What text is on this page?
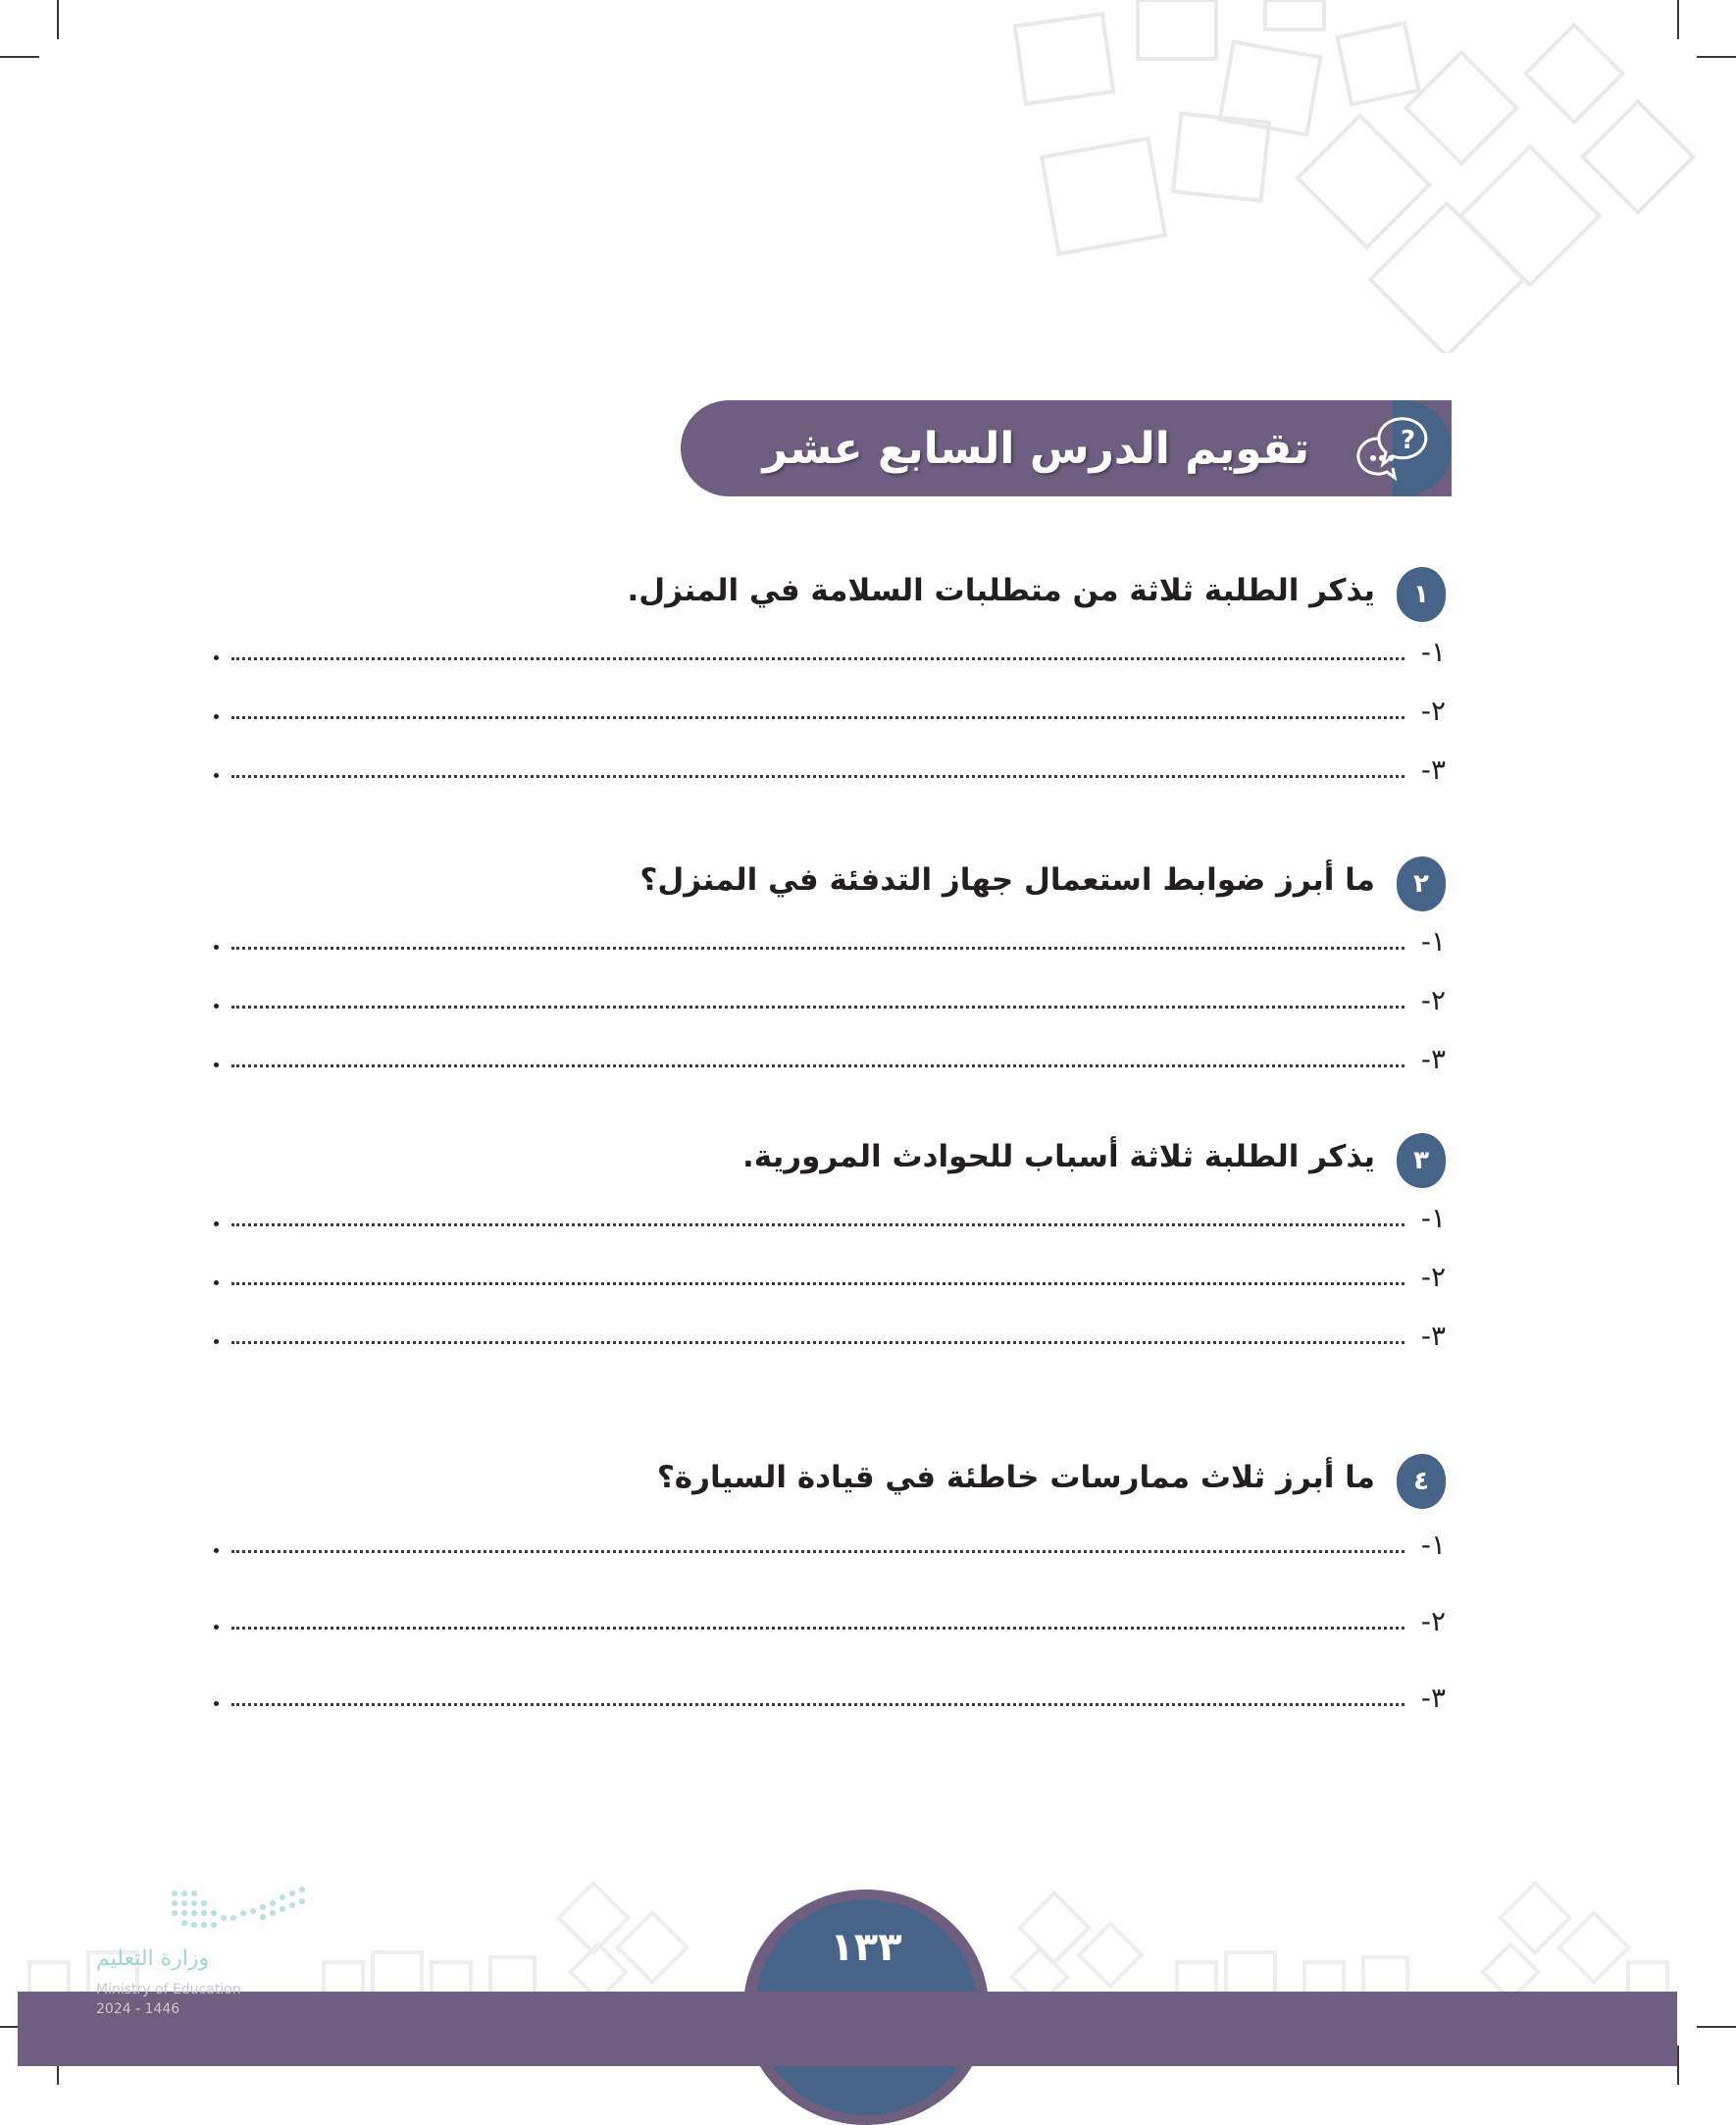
تقويم الدرس السابع عشر	?
١
يذكر الطلبة ثلاثة من متطلبات السلامة في المنزل.
١-
٢-
٣-
٢
ما أبرز ضوابط استعمال جهاز التدفئة في المنزل؟
١-
٢-
٣-
٣
يذكر الطلبة ثلاثة أسباب للحوادث المرورية.
١-
٢-
٣-
٤
ما أبرز ثلاث ممارسات خاطئة في قيادة السيارة؟
١-
٢-
٣-
١٣٣
وزارة التعليم
Ministry of Education
2024 - 1446
